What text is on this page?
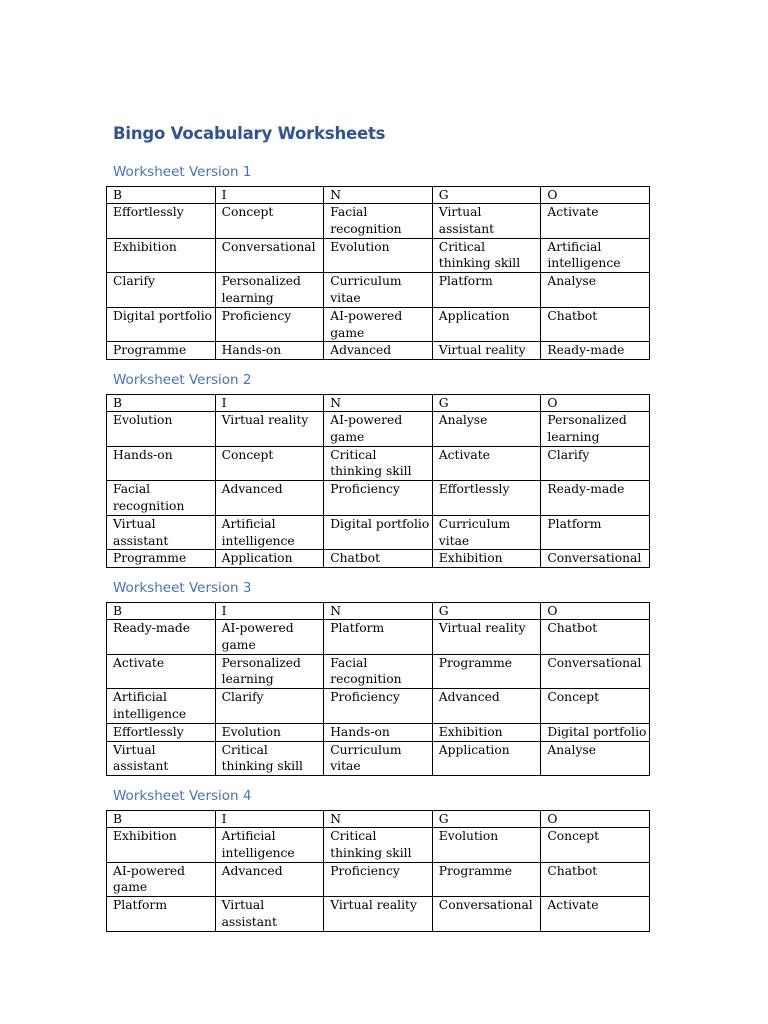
Bingo Vocabulary Worksheets
Worksheet Version 1
B	I	N	G	O
Effortlessly	Concept	Facial recognition	Virtual assistant	Activate
Exhibition	Conversational	Evolution	Critical thinking skill	Artificial intelligence
Clarify	Personalized learning	Curriculum vitae	Platform	Analyse
Digital portfolio	Proficiency	AI-powered game	Application	Chatbot
Programme	Hands-on	Advanced	Virtual reality	Ready-made
Worksheet Version 2
B	I	N	G	O
Evolution	Virtual reality	AI-powered game	Analyse	Personalized learning
Hands-on	Concept	Critical thinking skill	Activate	Clarify
Facial recognition	Advanced	Proficiency	Effortlessly	Ready-made
Virtual assistant	Artificial intelligence	Digital portfolio	Curriculum vitae	Platform
Programme	Application	Chatbot	Exhibition	Conversational
Worksheet Version 3
B	I	N	G	O
Ready-made	AI-powered game	Platform	Virtual reality	Chatbot
Activate	Personalized learning	Facial recognition	Programme	Conversational
Artificial intelligence	Clarify	Proficiency	Advanced	Concept
Effortlessly	Evolution	Hands-on	Exhibition	Digital portfolio
Virtual assistant	Critical thinking skill	Curriculum vitae	Application	Analyse
Worksheet Version 4
B	I	N	G	O
Exhibition	Artificial intelligence	Critical thinking skill	Evolution	Concept
AI-powered game	Advanced	Proficiency	Programme	Chatbot
Platform	Virtual assistant	Virtual reality	Conversational	Activate
